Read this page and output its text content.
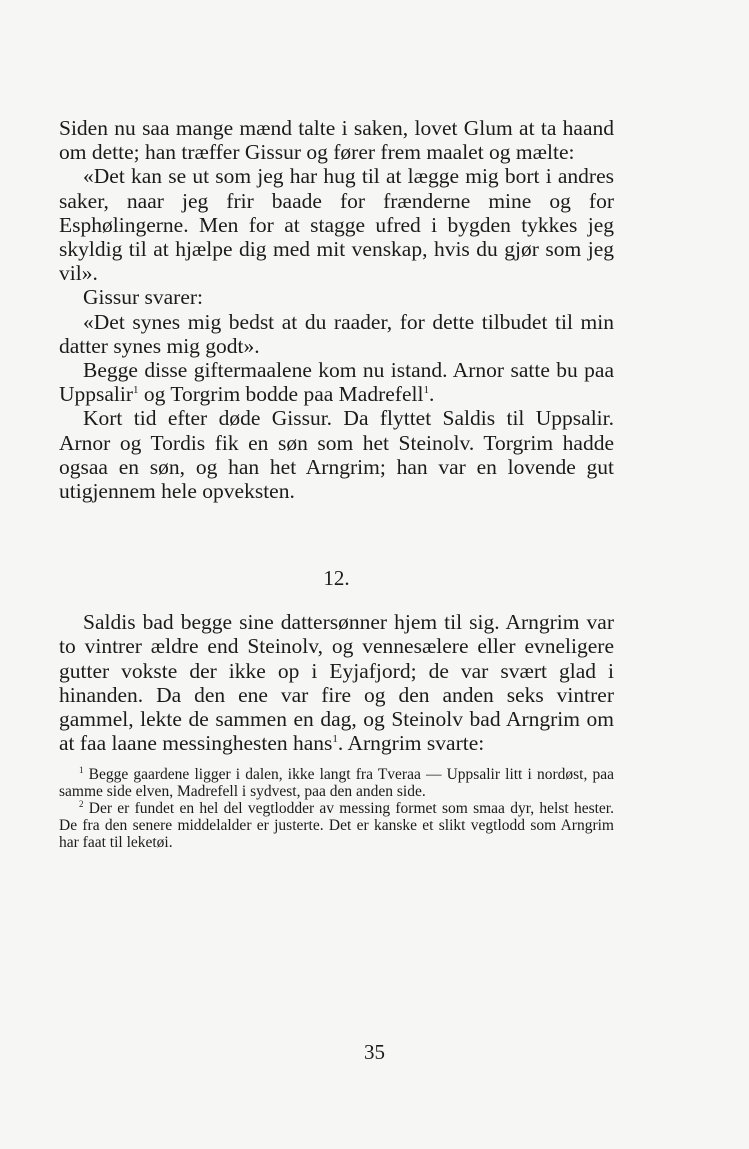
Siden nu saa mange mænd talte i saken, lovet Glum at ta haand om dette; han træffer Gissur og fører frem maalet og mælte:

«Det kan se ut som jeg har hug til at lægge mig bort i andres saker, naar jeg frir baade for frænderne mine og for Esphølingerne. Men for at stagge ufred i bygden tykkes jeg skyldig til at hjælpe dig med mit venskap, hvis du gjør som jeg vil».

Gissur svarer:

«Det synes mig bedst at du raader, for dette tilbudet til min datter synes mig godt».

Begge disse giftermaalene kom nu istand. Arnor satte bu paa Uppsalir$^1$ og Torgrim bodde paa Madrefell$^1$.

Kort tid efter døde Gissur. Da flyttet Saldis til Uppsalir. Arnor og Tordis fik en søn som het Steinolv. Torgrim hadde ogsaa en søn, og han het Arngrim; han var en lovende gut utigjennem hele opveksten.

12.

Saldis bad begge sine dattersønner hjem til sig. Arngrim var to vintrer ældre end Steinolv, og vennesælere eller evneligere gutter vokste der ikke op i Eyjafjord; de var svært glad i hinanden. Da den ene var fire og den anden seks vintrer gammel, lekte de sammen en dag, og Steinolv bad Arngrim om at faa laane messinghesten hans$^1$. Arngrim svarte:

$^1$ Begge gaardene ligger i dalen, ikke langt fra Tveraa — Uppsalir litt i nordøst, paa samme side elven, Madrefell i sydvest, paa den anden side.

$^2$ Der er fundet en hel del vegtlodder av messing formet som smaa dyr, helst hester. De fra den senere middelalder er justerte. Det er kanske et slikt vegtlodd som Arngrim har faat til leketøi.

35
